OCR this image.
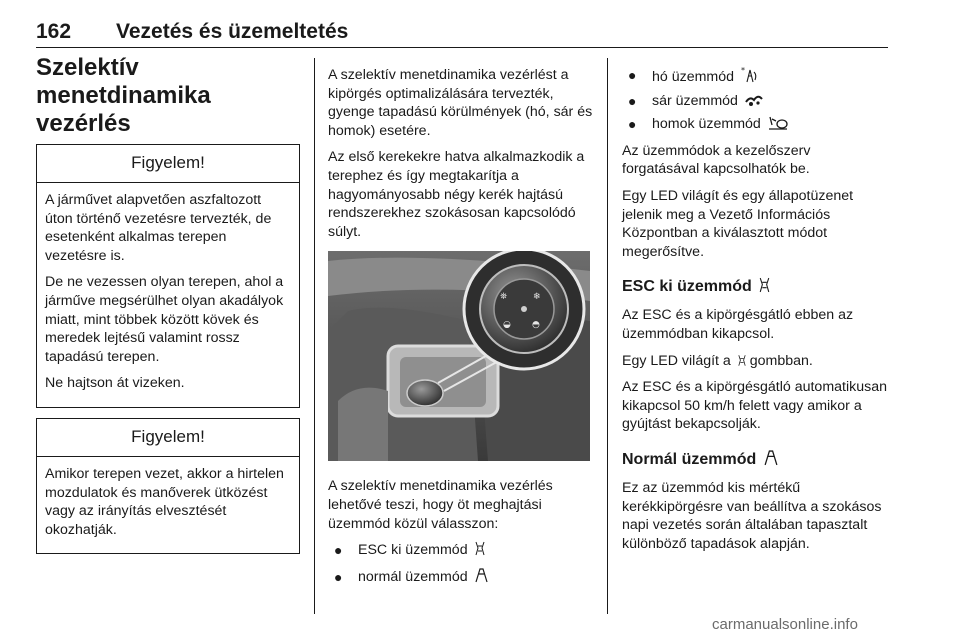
162 Vezetés és üzemeltetés
Szelektív menetdinamika vezérlés
Figyelem!

A járművet alapvetően aszfaltozott úton történő vezetésre tervezték, de esetenként alkalmas terepen vezetésre is.

De ne vezessen olyan terepen, ahol a járműve megsérülhet olyan akadályok miatt, mint többek között kövek és meredek lejtésű valamint rossz tapadású terepen.

Ne hajtson át vizeken.

Figyelem!

Amikor terepen vezet, akkor a hirtelen mozdulatok és manőverek ütközést vagy az irányítás elvesztését okozhatják.

A szelektív menetdinamika vezérlést a kipörgés optimalizálására tervezték, gyenge tapadású körülmények (hó, sár és homok) esetére.

Az első kerekekre hatva alkalmazkodik a terephez és így megtakarítja a hagyományosabb négy kerék hajtású rendszerekhez szokásosan kapcsolódó súlyt.

⛯	❄
◒ ◓

A szelektív menetdinamika vezérlés lehetővé teszi, hogy öt meghajtási üzemmód közül válasszon:

● ESC ki üzemmód
● normál üzemmód
● hó üzemmód *
● sár üzemmód
● homok üzemmód

Az üzemmódok a kezelőszerv forgatásával kapcsolhatók be.

Egy LED világít és egy állapotüzenet jelenik meg a Vezető Információs Központban a kiválasztott módot megerősítve.

ESC ki üzemmód

Az ESC és a kipörgésgátló ebben az üzemmódban kikapcsol.

Egy LED világít a gombban.

Az ESC és a kipörgésgátló automatikusan kikapcsol 50 km/h felett vagy amikor a gyújtást bekapcsolják.

Normál üzemmód

Ez az üzemmód kis mértékű kerékkipörgésre van beállítva a szokásos napi vezetés során általában tapasztalt különböző tapadások alapján.

carmanualsonline.info
